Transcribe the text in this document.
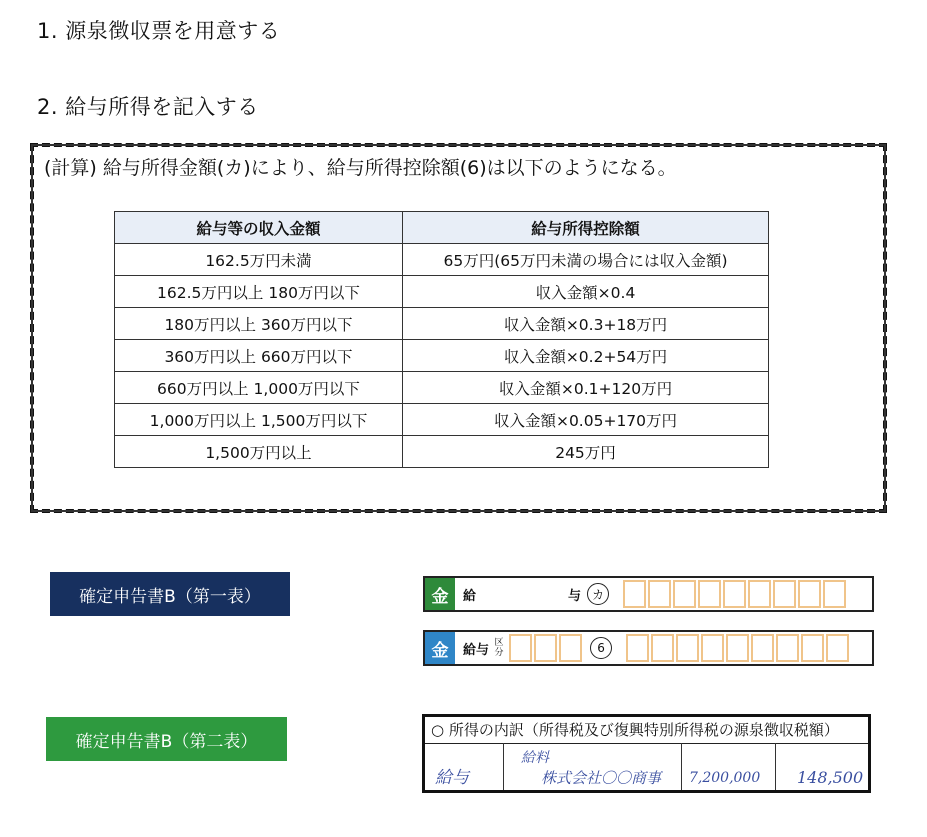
1. 源泉徴収票を用意する
2. 給与所得を記入する
(計算) 給与所得金額(カ)により、給与所得控除額(6)は以下のようになる。
給与等の収入金額	給与所得控除額
162.5万円未満	65万円(65万円未満の場合には収入金額)
162.5万円以上 180万円以下	収入金額×0.4
180万円以上 360万円以下	収入金額×0.3+18万円
360万円以上 660万円以下	収入金額×0.2+54万円
660万円以上 1,000万円以下	収入金額×0.1+120万円
1,000万円以上 1,500万円以下	収入金額×0.05+170万円
1,500万円以上	245万円
確定申告書B（第一表）
確定申告書B（第二表）
金	給	与 カ
金	給与 区分	6
○ 所得の内訳（所得税及び復興特別所得税の源泉徴収税額）
給与
給料
株式会社〇〇商事 7,200,000 148,500
